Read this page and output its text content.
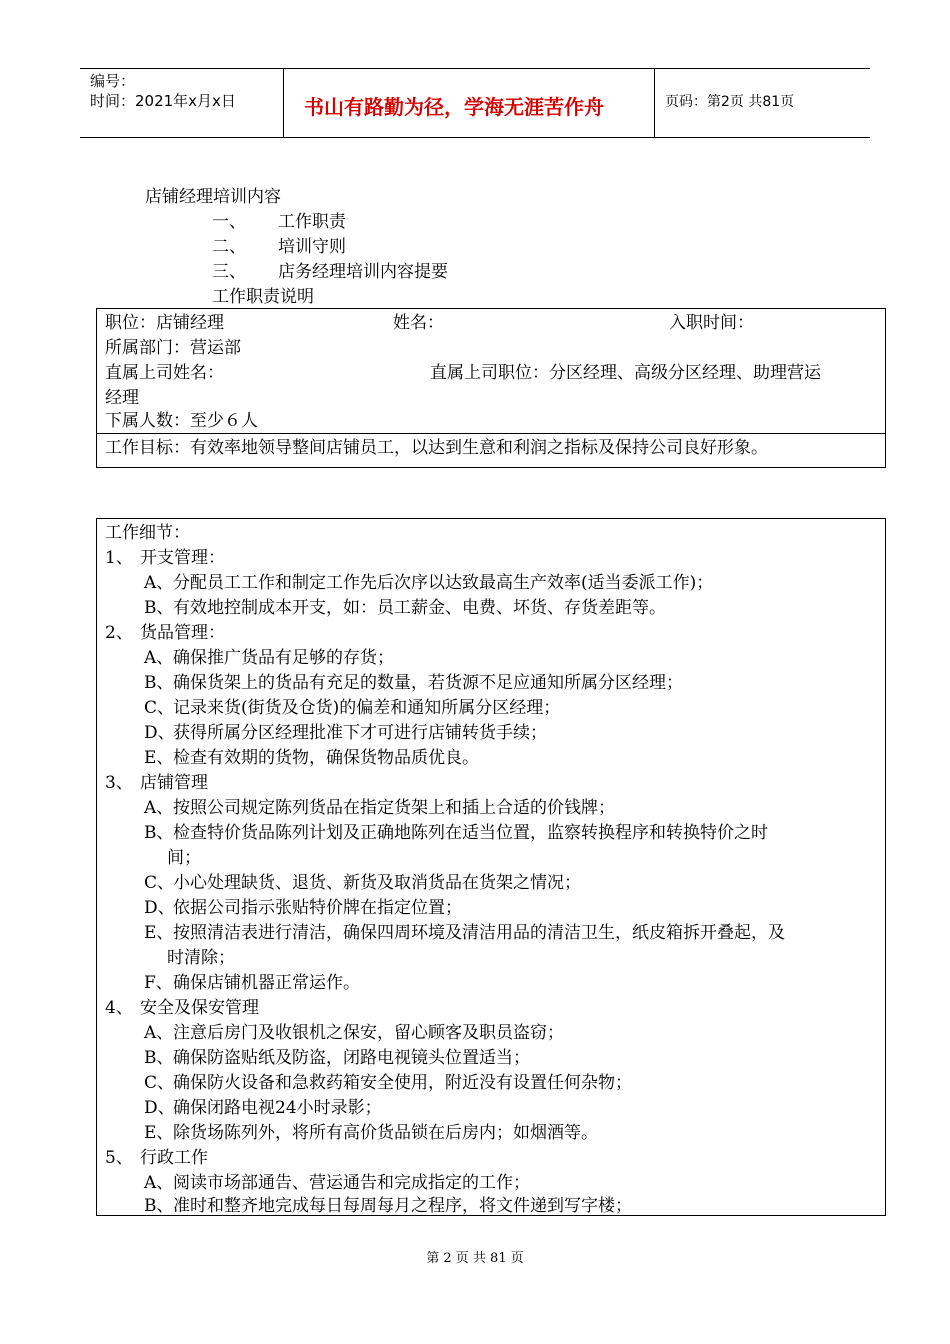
编号：
时间：2021年x月x日	书山有路勤为径，学海无涯苦作舟	页码：第2页 共81页
店铺经理培训内容
一、 工作职责
二、 培训守则
三、 店务经理培训内容提要
工作职责说明
职位：店铺经理	姓名：	入职时间：
所属部门：营运部
直属上司姓名：	直属上司职位：分区经理、高级分区经理、助理营运
经理
下属人数：至少６人
工作目标：有效率地领导整间店铺员工，以达到生意和利润之指标及保持公司良好形象。
工作细节：
1、 开支管理：
A、 分配员工工作和制定工作先后次序以达致最高生产效率(适当委派工作)；
B、 有效地控制成本开支，如：员工薪金、电费、坏货、存货差距等。
2、 货品管理：
A、 确保推广货品有足够的存货；
B、 确保货架上的货品有充足的数量，若货源不足应通知所属分区经理；
C、
记录来货(街货及仓货)的偏差和通知所属分区经理；
D、
获得所属分区经理批准下才可进行店铺转货手续；
E、 检查有效期的货物，确保货物品质优良。
3、 店铺管理
A、 按照公司规定陈列货品在指定货架上和插上合适的价钱牌；
B、 检查特价货品陈列计划及正确地陈列在适当位置，监察转换程序和转换特价之时
间；
C、
小心处理缺货、退货、新货及取消货品在货架之情况；
D、
依据公司指示张贴特价牌在指定位置；
E、 按照清洁表进行清洁，确保四周环境及清洁用品的清洁卫生，纸皮箱拆开叠起，及
时清除；
F、 确保店铺机器正常运作。
4、 安全及保安管理
A、 注意后房门及收银机之保安，留心顾客及职员盗窃；
B、 确保防盗贴纸及防盗，闭路电视镜头位置适当；
C、
确保防火设备和急救药箱安全使用，附近没有设置任何杂物；
D、
确保闭路电视24小时录影；
E、 除货场陈列外，将所有高价货品锁在后房内；如烟酒等。
5、 行政工作
A、 阅读市场部通告、营运通告和完成指定的工作；
B、 准时和整齐地完成每日每周每月之程序，将文件递到写字楼；
第 2 页 共 81 页
